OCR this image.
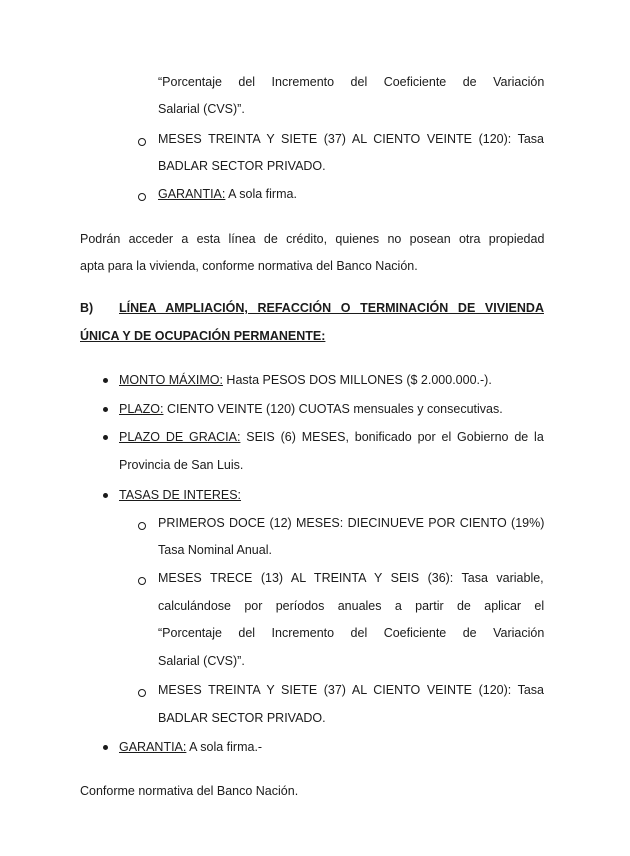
“Porcentaje del Incremento del Coeficiente de Variación
Salarial (CVS)”.
MESES TREINTA Y SIETE (37) AL CIENTO VEINTE (120): Tasa
BADLAR SECTOR PRIVADO.
GARANTIA: A sola firma.
Podrán acceder a esta línea de crédito, quienes no posean otra propiedad
apta para la vivienda, conforme normativa del Banco Nación.
B) LÍNEA AMPLIACIÓN, REFACCIÓN O TERMINACIÓN DE VIVIENDA
ÚNICA Y DE OCUPACIÓN PERMANENTE:
MONTO MÁXIMO: Hasta PESOS DOS MILLONES ($ 2.000.000.-).
PLAZO: CIENTO VEINTE (120) CUOTAS mensuales y consecutivas.
PLAZO DE GRACIA: SEIS (6) MESES, bonificado por el Gobierno de la
Provincia de San Luis.
TASAS DE INTERES:
PRIMEROS DOCE (12) MESES: DIECINUEVE POR CIENTO (19%)
Tasa Nominal Anual.
MESES TRECE (13) AL TREINTA Y SEIS (36): Tasa variable,
calculándose por períodos anuales a partir de aplicar el
“Porcentaje del Incremento del Coeficiente de Variación
Salarial (CVS)”.
MESES TREINTA Y SIETE (37) AL CIENTO VEINTE (120): Tasa
BADLAR SECTOR PRIVADO.
GARANTIA: A sola firma.-
Conforme normativa del Banco Nación.
